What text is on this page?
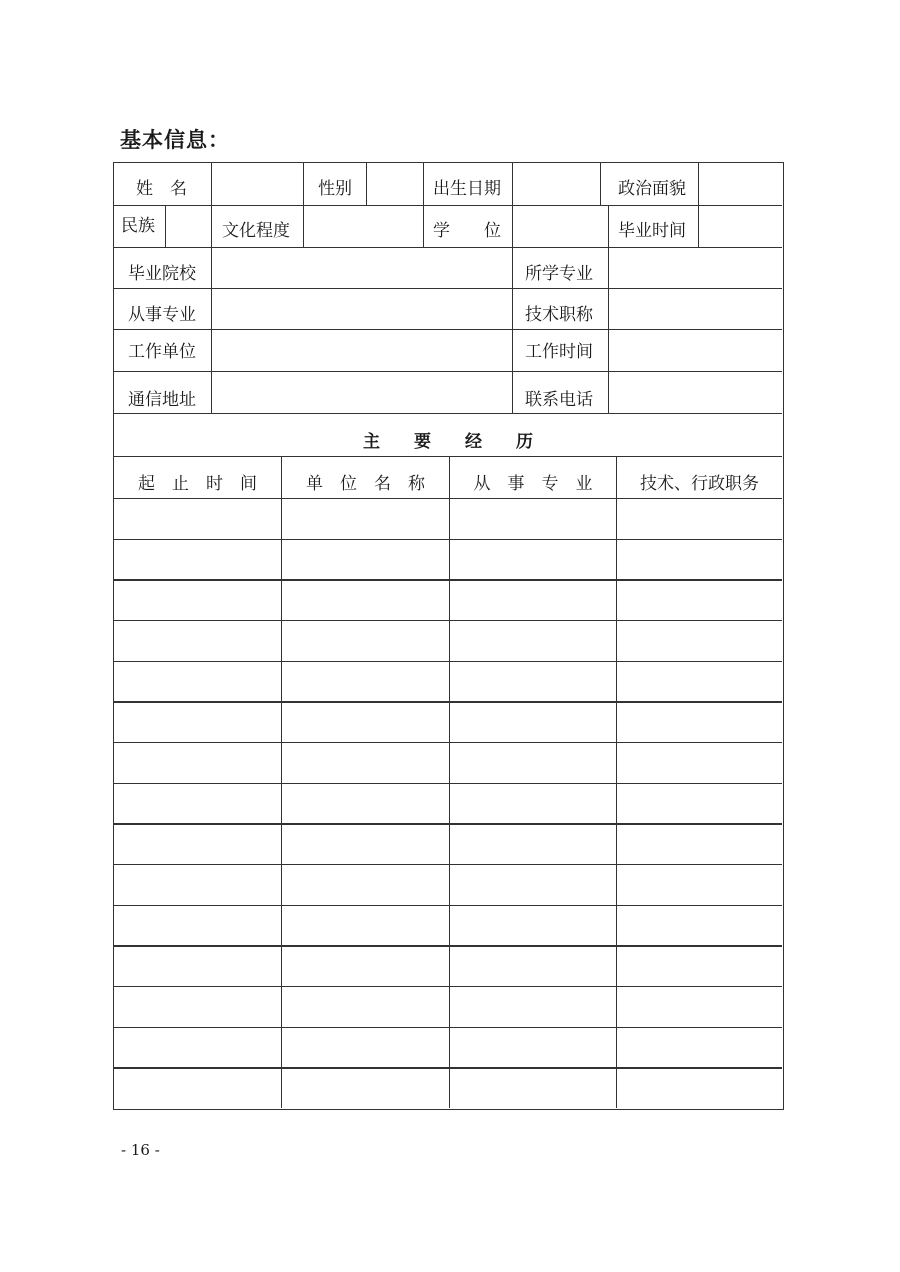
基本信息：
姓　名	性别	出生日期	政治面貌
民族	文化程度	学　　位	毕业时间
毕业院校	所学专业
从事专业	技术职称
工作单位	工作时间
通信地址	联系电话
主　　要　　经　　历
起　止　时　间	单　位　名　称	从　事　专　业	技术、行政职务
- 16 -
